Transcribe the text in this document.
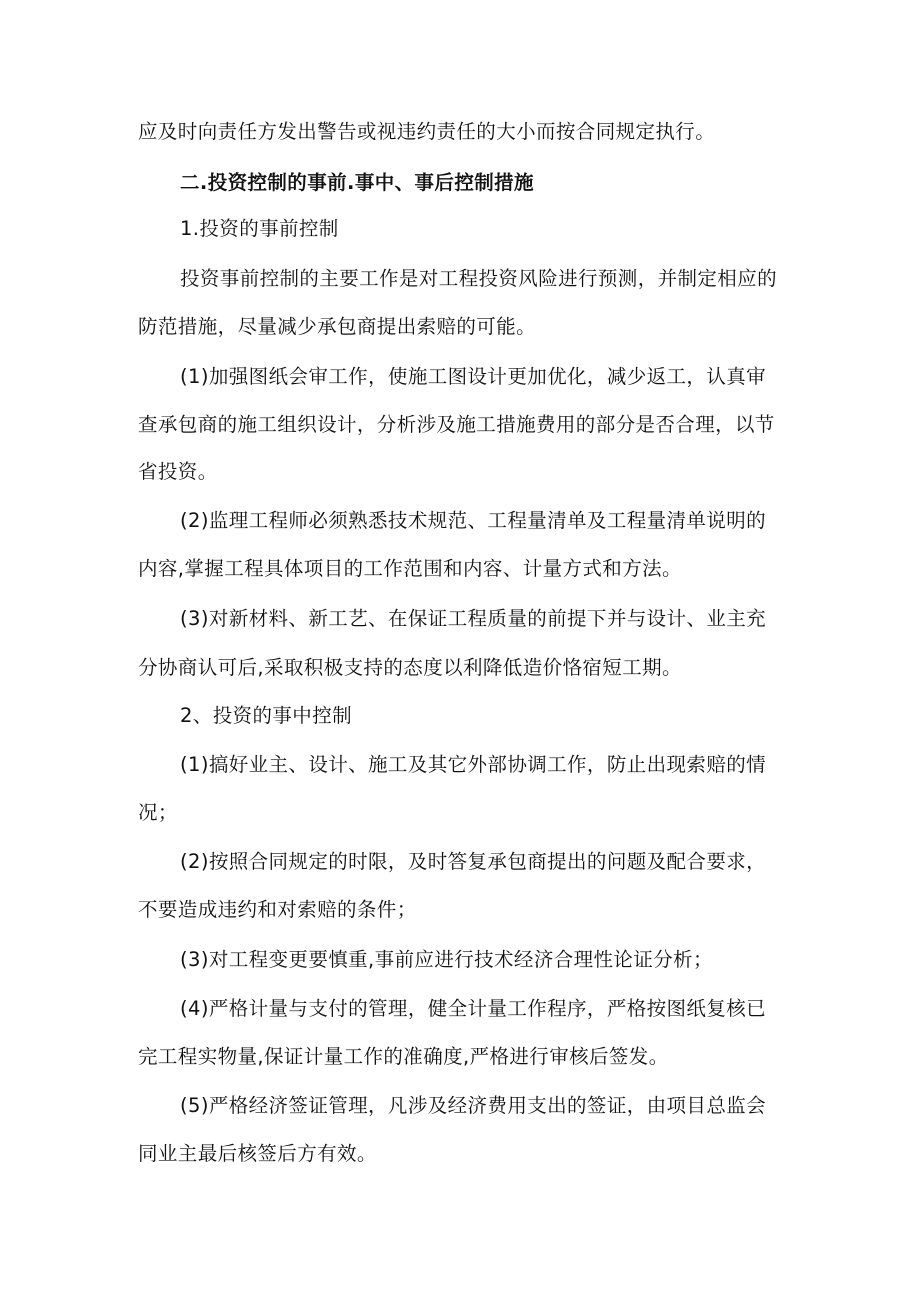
应及时向责任方发出警告或视违约责任的大小而按合同规定执行。
二.投资控制的事前.事中、事后控制措施
1.投资的事前控制
投资事前控制的主要工作是对工程投资风险进行预测，并制定相应的
防范措施，尽量减少承包商提出索赔的可能。
(1)加强图纸会审工作，使施工图设计更加优化，减少返工，认真审
查承包商的施工组织设计，分析涉及施工措施费用的部分是否合理，以节
省投资。
(2)监理工程师必须熟悉技术规范、工程量清单及工程量清单说明的
内容,掌握工程具体项目的工作范围和内容、计量方式和方法。
(3)对新材料、新工艺、在保证工程质量的前提下并与设计、业主充
分协商认可后,采取积极支持的态度以利降低造价恪宿短工期。
2、投资的事中控制
(1)搞好业主、设计、施工及其它外部协调工作，防止出现索赔的情
况；
(2)按照合同规定的时限，及时答复承包商提出的问题及配合要求，
不要造成违约和对索赔的条件；
(3)对工程变更要慎重,事前应进行技术经济合理性论证分析；
(4)严格计量与支付的管理，健全计量工作程序，严格按图纸复核已
完工程实物量,保证计量工作的准确度,严格进行审核后签发。
(5)严格经济签证管理，凡涉及经济费用支出的签证，由项目总监会
同业主最后核签后方有效。
